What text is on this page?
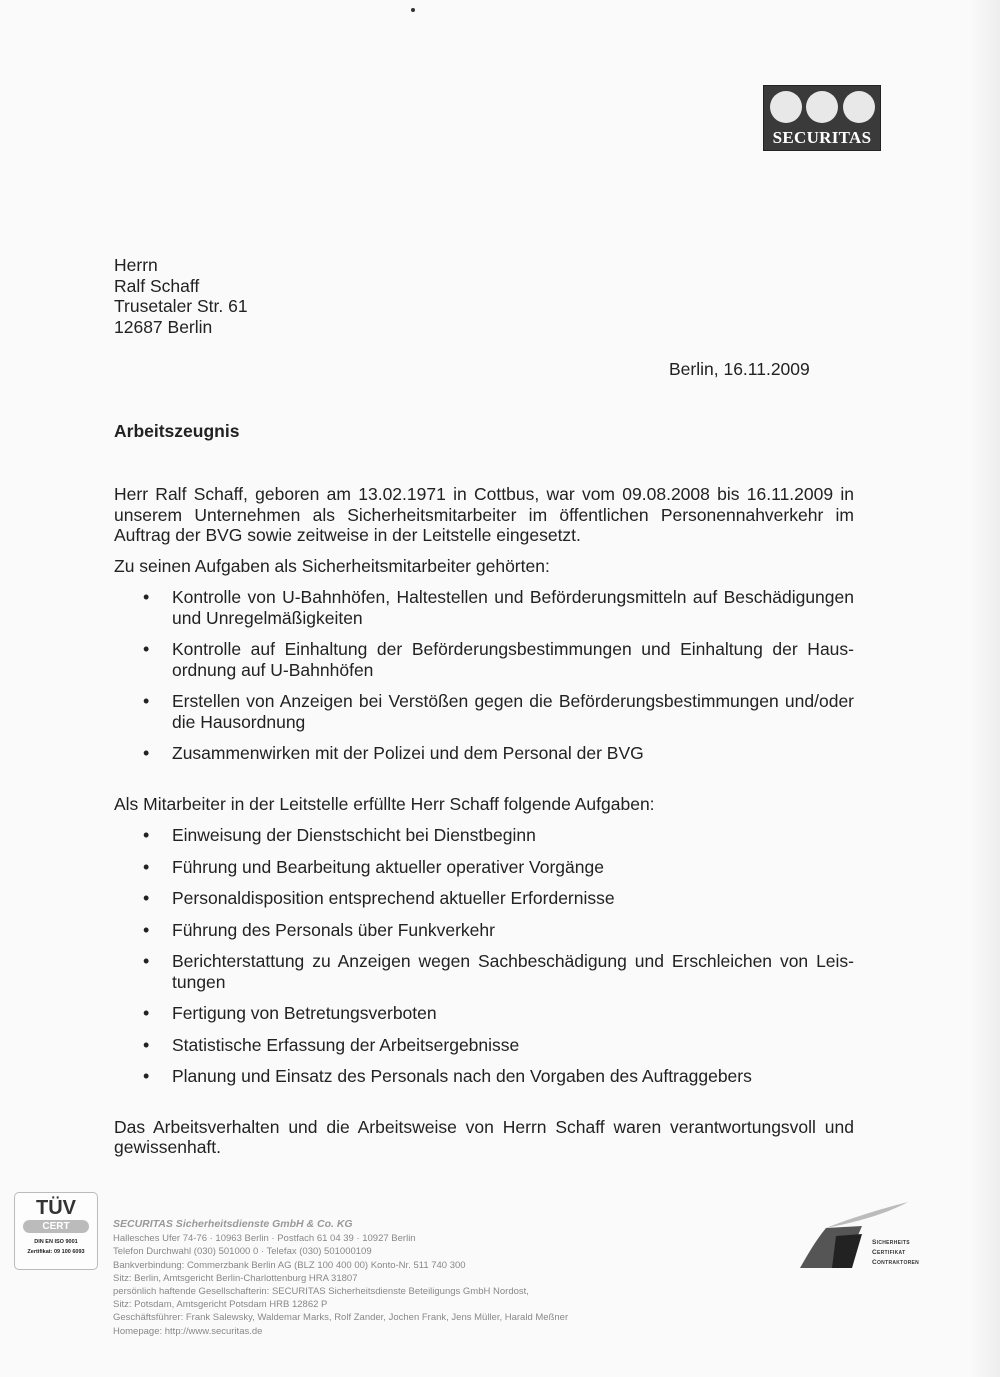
SECURITAS
Herrn
Ralf Schaff
Trusetaler Str. 61
12687 Berlin
Berlin, 16.11.2009
Arbeitszeugnis

Herr Ralf Schaff, geboren am 13.02.1971 in Cottbus, war vom 09.08.2008 bis 16.11.2009 in unserem Unternehmen als Sicherheitsmitarbeiter im öffentlichen Personennahverkehr im Auftrag der BVG sowie zeitweise in der Leitstelle eingesetzt.

Zu seinen Aufgaben als Sicherheitsmitarbeiter gehörten:

• Kontrolle von U-Bahnhöfen, Haltestellen und Beförderungsmitteln auf Beschädigungen und Unregelmäßigkeiten
• Kontrolle auf Einhaltung der Beförderungsbestimmungen und Einhaltung der Hausordnung auf U-Bahnhöfen
• Erstellen von Anzeigen bei Verstößen gegen die Beförderungsbestimmungen und/oder die Hausordnung
• Zusammenwirken mit der Polizei und dem Personal der BVG

Als Mitarbeiter in der Leitstelle erfüllte Herr Schaff folgende Aufgaben:

• Einweisung der Dienstschicht bei Dienstbeginn
• Führung und Bearbeitung aktueller operativer Vorgänge
• Personaldisposition entsprechend aktueller Erfordernisse
• Führung des Personals über Funkverkehr
• Berichterstattung zu Anzeigen wegen Sachbeschädigung und Erschleichen von Leistungen
• Fertigung von Betretungsverboten
• Statistische Erfassung der Arbeitsergebnisse
• Planung und Einsatz des Personals nach den Vorgaben des Auftraggebers

Das Arbeitsverhalten und die Arbeitsweise von Herrn Schaff waren verantwortungsvoll und gewissenhaft.

TÜV
CERT
DIN EN ISO 9001
Zertifikat: 09 100 6093
SECURITAS Sicherheitsdienste GmbH & Co. KG
Hallesches Ufer 74-76 · 10963 Berlin · Postfach 61 04 39 · 10927 Berlin
Telefon Durchwahl (030) 501000 0 · Telefax (030) 501000109
Bankverbindung: Commerzbank Berlin AG (BLZ 100 400 00) Konto-Nr. 511 740 300
Sitz: Berlin, Amtsgericht Berlin-Charlottenburg HRA 31807
persönlich haftende Gesellschafterin: SECURITAS Sicherheitsdienste Beteiligungs GmbH Nordost,
Sitz: Potsdam, Amtsgericht Potsdam HRB 12862 P
Geschäftsführer: Frank Salewsky, Waldemar Marks, Rolf Zander, Jochen Frank, Jens Müller, Harald Meßner
Homepage: http://www.securitas.de
Sicherheits
Certifikat
Contraktoren
